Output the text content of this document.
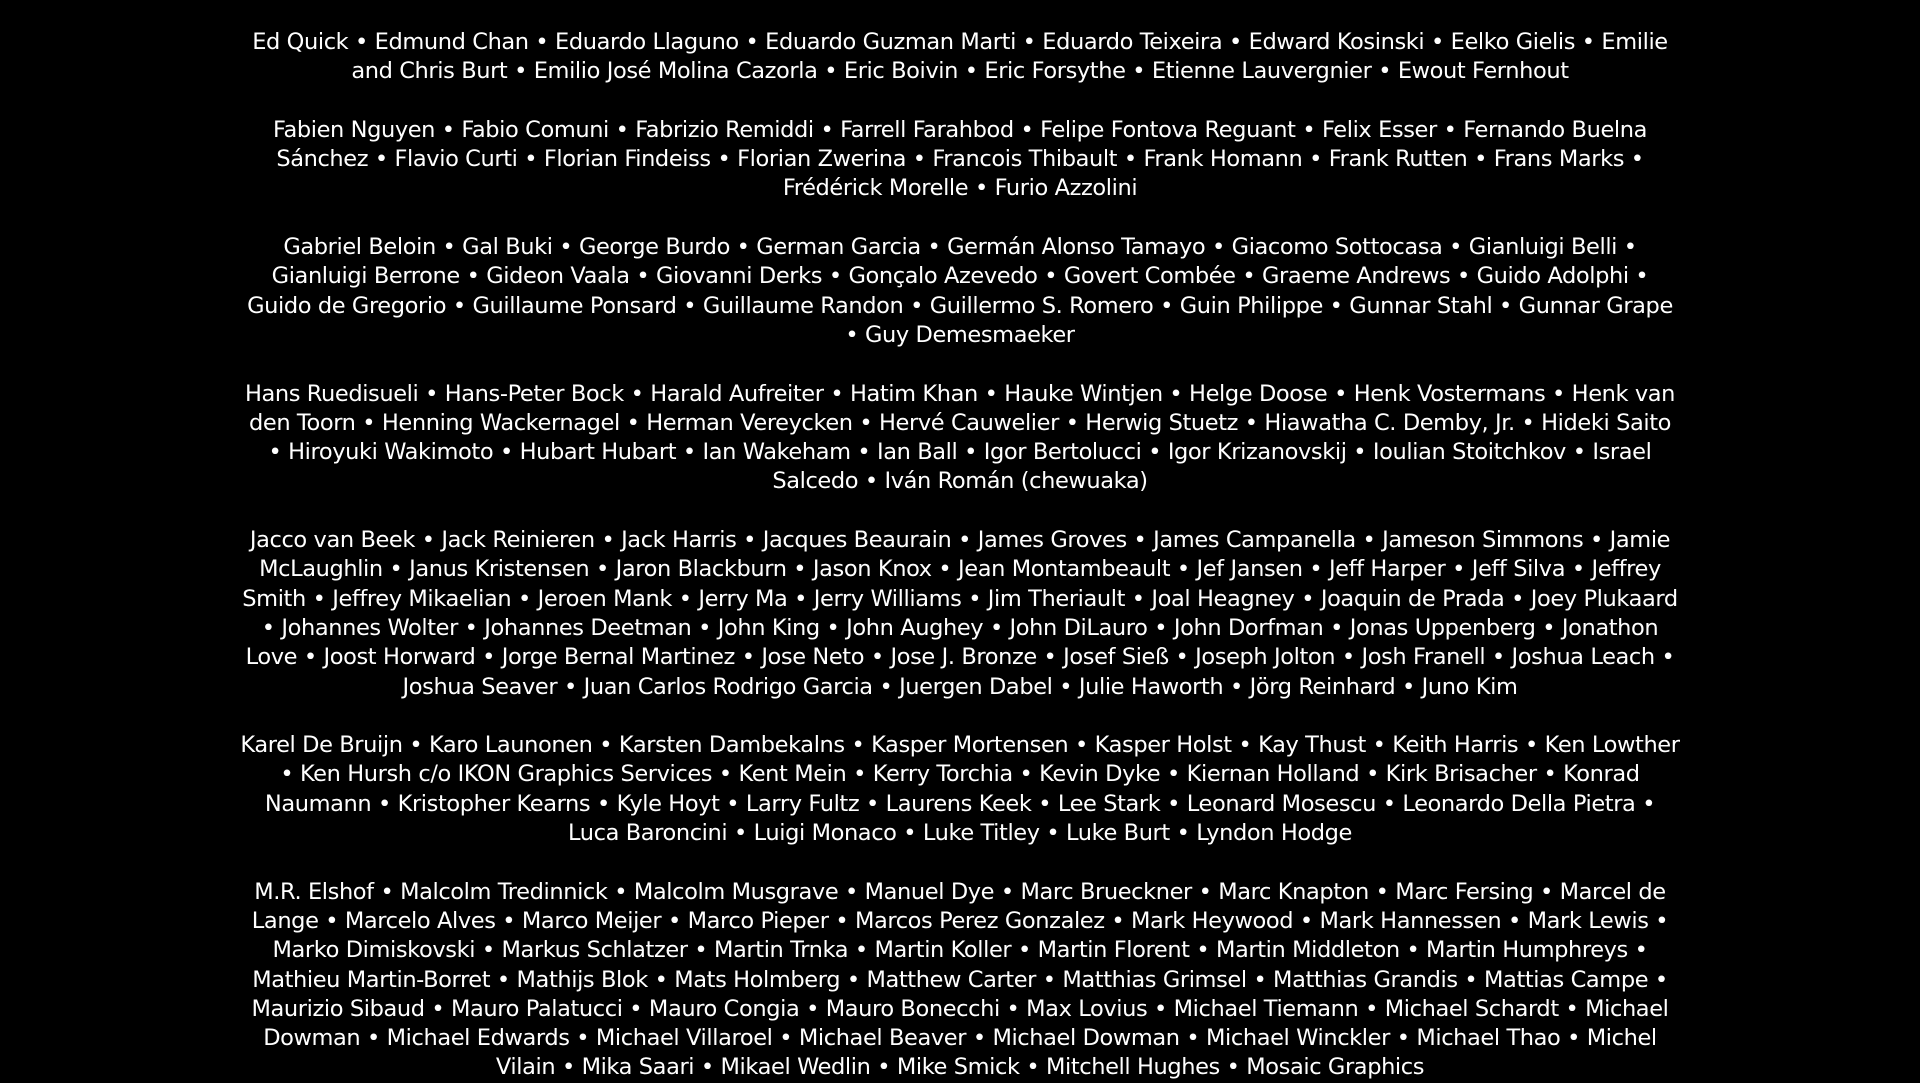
Ed Quick • Edmund Chan • Eduardo Llaguno • Eduardo Guzman Marti • Eduardo Teixeira • Edward Kosinski • Eelko Gielis • Emilie and Chris Burt • Emilio José Molina Cazorla • Eric Boivin • Eric Forsythe • Etienne Lauvergnier • Ewout Fernhout

Fabien Nguyen • Fabio Comuni • Fabrizio Remiddi • Farrell Farahbod • Felipe Fontova Reguant • Felix Esser • Fernando Buelna Sánchez • Flavio Curti • Florian Findeiss • Florian Zwerina • Francois Thibault • Frank Homann • Frank Rutten • Frans Marks • Frédérick Morelle • Furio Azzolini

Gabriel Beloin • Gal Buki • George Burdo • German Garcia • Germán Alonso Tamayo • Giacomo Sottocasa • Gianluigi Belli • Gianluigi Berrone • Gideon Vaala • Giovanni Derks • Gonçalo Azevedo • Govert Combée • Graeme Andrews • Guido Adolphi • Guido de Gregorio • Guillaume Ponsard • Guillaume Randon • Guillermo S. Romero • Guin Philippe • Gunnar Stahl • Gunnar Grape • Guy Demesmaeker

Hans Ruedisueli • Hans-Peter Bock • Harald Aufreiter • Hatim Khan • Hauke Wintjen • Helge Doose • Henk Vostermans • Henk van den Toorn • Henning Wackernagel • Herman Vereycken • Hervé Cauwelier • Herwig Stuetz • Hiawatha C. Demby, Jr. • Hideki Saito • Hiroyuki Wakimoto • Hubart Hubart • Ian Wakeham • Ian Ball • Igor Bertolucci • Igor Krizanovskij • Ioulian Stoitchkov • Israel Salcedo • Iván Román (chewuaka)

Jacco van Beek • Jack Reinieren • Jack Harris • Jacques Beaurain • James Groves • James Campanella • Jameson Simmons • Jamie McLaughlin • Janus Kristensen • Jaron Blackburn • Jason Knox • Jean Montambeault • Jef Jansen • Jeff Harper • Jeff Silva • Jeffrey Smith • Jeffrey Mikaelian • Jeroen Mank • Jerry Ma • Jerry Williams • Jim Theriault • Joal Heagney • Joaquin de Prada • Joey Plukaard • Johannes Wolter • Johannes Deetman • John King • John Aughey • John DiLauro • John Dorfman • Jonas Uppenberg • Jonathon Love • Joost Horward • Jorge Bernal Martinez • Jose Neto • Jose J. Bronze • Josef Sieß • Joseph Jolton • Josh Franell • Joshua Leach • Joshua Seaver • Juan Carlos Rodrigo Garcia • Juergen Dabel • Julie Haworth • Jörg Reinhard • Juno Kim

Karel De Bruijn • Karo Launonen • Karsten Dambekalns • Kasper Mortensen • Kasper Holst • Kay Thust • Keith Harris • Ken Lowther • Ken Hursh c/o IKON Graphics Services • Kent Mein • Kerry Torchia • Kevin Dyke • Kiernan Holland • Kirk Brisacher • Konrad Naumann • Kristopher Kearns • Kyle Hoyt • Larry Fultz • Laurens Keek • Lee Stark • Leonard Mosescu • Leonardo Della Pietra • Luca Baroncini • Luigi Monaco • Luke Titley • Luke Burt • Lyndon Hodge

M.R. Elshof • Malcolm Tredinnick • Malcolm Musgrave • Manuel Dye • Marc Brueckner • Marc Knapton • Marc Fersing • Marcel de Lange • Marcelo Alves • Marco Meijer • Marco Pieper • Marcos Perez Gonzalez • Mark Heywood • Mark Hannessen • Mark Lewis • Marko Dimiskovski • Markus Schlatzer • Martin Trnka • Martin Koller • Martin Florent • Martin Middleton • Martin Humphreys • Mathieu Martin-Borret • Mathijs Blok • Mats Holmberg • Matthew Carter • Matthias Grimsel • Matthias Grandis • Mattias Campe • Maurizio Sibaud • Mauro Palatucci • Mauro Congia • Mauro Bonecchi • Max Lovius • Michael Tiemann • Michael Schardt • Michael Dowman • Michael Edwards • Michael Villaroel • Michael Beaver • Michael Dowman • Michael Winckler • Michael Thao • Michel Vilain • Mika Saari • Mikael Wedlin • Mike Smick • Mitchell Hughes • Mosaic Graphics
